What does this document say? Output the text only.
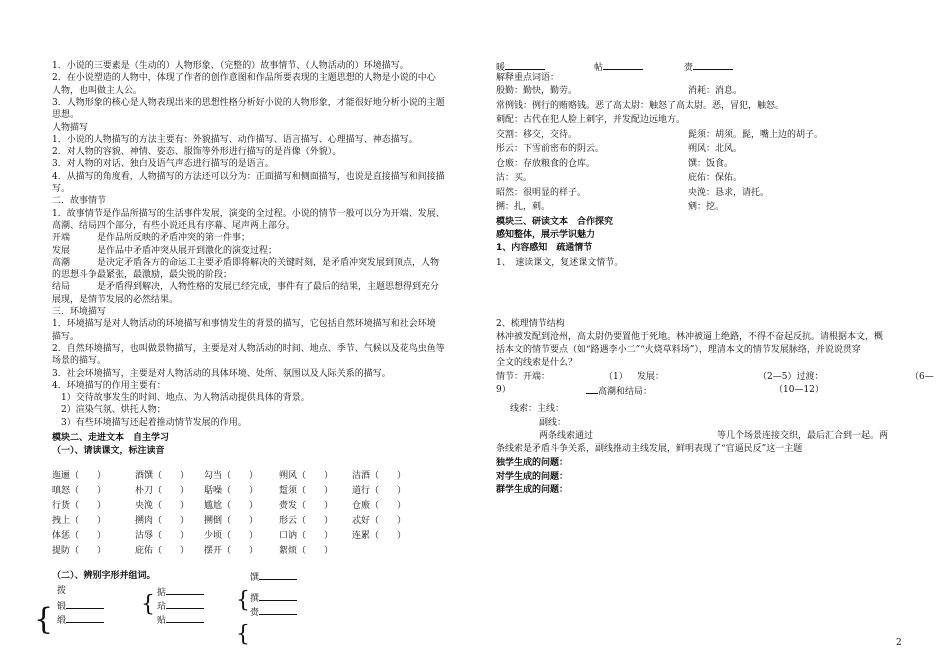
1．小说的三要素是（生动的）人物形象、（完整的）故事情节、（人物活动的）环境描写。
2．在小说塑造的人物中，体现了作者的创作意图和作品所要表现的主题思想的人物是小说的中心
人物，也叫做主人公。
3．人物形象的核心是人物表现出来的思想性格分析好小说的人物形象，才能很好地分析小说的主题
思想。
人物描写
1．小说的人物描写的方法主要有：外貌描写、动作描写、语言描写、心理描写、神态描写。
2．对人物的容貌、神情、姿态、服饰等外形进行描写的是肖像（外貌）。
3．对人物的对话、独白及语气声态进行描写的是语言。
4．从描写的角度看，人物描写的方法还可以分为：正面描写和侧面描写，也说是直接描写和间接描
写。
二．故事情节
1．故事情节是作品所描写的生活事件发展，演变的全过程。小说的情节一般可以分为开端、发展、
高潮、结局四个部分，有些小说还具有序幕、尾声两上部分。
开端　　　是作品所反映的矛盾冲突的第一件事；
发展　　　是作品中矛盾冲突从展开到激化的演变过程；
高潮　　　是决定矛盾各方的命运工主要矛盾即将解决的关键时刻，是矛盾冲突发展到顶点，人物
的思想斗争最紧张，最激励，最尖锐的阶段；
结局　　　是矛盾得到解决，人物性格的发展已经完成，事件有了最后的结果，主题思想得到充分
展现，是情节发展的必然结果。
三．环境描写
1．环境描写是对人物活动的环境描写和事情发生的背景的描写，它包括自然环境描写和社会环境
描写。
2．自然环境描写，也叫做景物描写，主要是对人物活动的时间、地点、季节、气候以及花鸟虫鱼等
场景的描写。
3．社会环境描写，主要是对人物活动的具体环境、处所、氛围以及人际关系的描写。
4．环境描写的作用主要有：
　1）交待故事发生的时间、地点、为人物活动提供具体的背景。
　2）渲染气氛、烘托人物；
　3）有些环境描写还起着推动情节发展的作用。
模块二、走进文本　自主学习
（一）、请读课文，标注读音
迤逦（　　）	酒馔（　　） 勾当（　　） 朔风（　　） 洁酒（　　）
嗔怒（　　）	朴刀（　　） 聒噪（　　） 踅须（　　） 道行（　　）
行货（　　）	央浼（　　） 尴尬（　　） 赍发（　　） 仓廒（　　）
拽上（　　）	搠肉（　　） 搠倒（　　） 形云（　　） 忒好（　　）
体惩（　　）	沽辱（　　） 少顷（　　） 口讷（　　） 连累（　　）
提防（　　）	庇佑（　　） 摆开（　　） 絮烦（　　）
（二）、辨别字形并组词。
拨
锻
缎
{
掂
玷
贴
{
馔
撰
赍
{
{
暖	帖	赍
解释重点词语：
殷勤：勤快，勤劳。	消耗：消息。
常例钱：例行的贿赂钱。恶了高太尉：触怒了高太尉。恶，冒犯，触怒。
刺配：古代在犯人脸上刺字，并发配边远地方。
交割：移交，交待。	髭须：胡须。髭，嘴上边的胡子。
彤云：下雪前密布的阴云。	朔风：北风。
仓廒：存放粮食的仓库。	馔：饭食。
沽：买。	庇佑：保佑。
昭然：很明显的样子。	央浼：恳求，请托。
搠：扎，刺。	剜：挖。
模块三、研读文本　合作探究
感知整体，展示学识魅力
1、内容感知　疏通情节
1、　速读课文，复述课文情节。
2、梳理情节结构
林冲被发配到沧州，高太尉仍要置他于死地。林冲被逼上绝路，不得不奋起反抗。请根据本文，概
括本文的情节要点（如“路遇李小二”“火烧草料场”），理清本文的情节发展脉络，并说说贯穿
全文的线索是什么？
情节：开端：	（1） 发展：	（2—5）过渡：	（6—
9）	高潮和结局：	（10—12）
线索：主线：
副线：
两条线索通过	等几个场景连接交织，最后汇合到一起。两
条线索是矛盾斗争关系，副线推动主线发展，鲜明表现了“官逼民反”这一主题
独学生成的问题：
对学生成的问题：
群学生成的问题：
2
